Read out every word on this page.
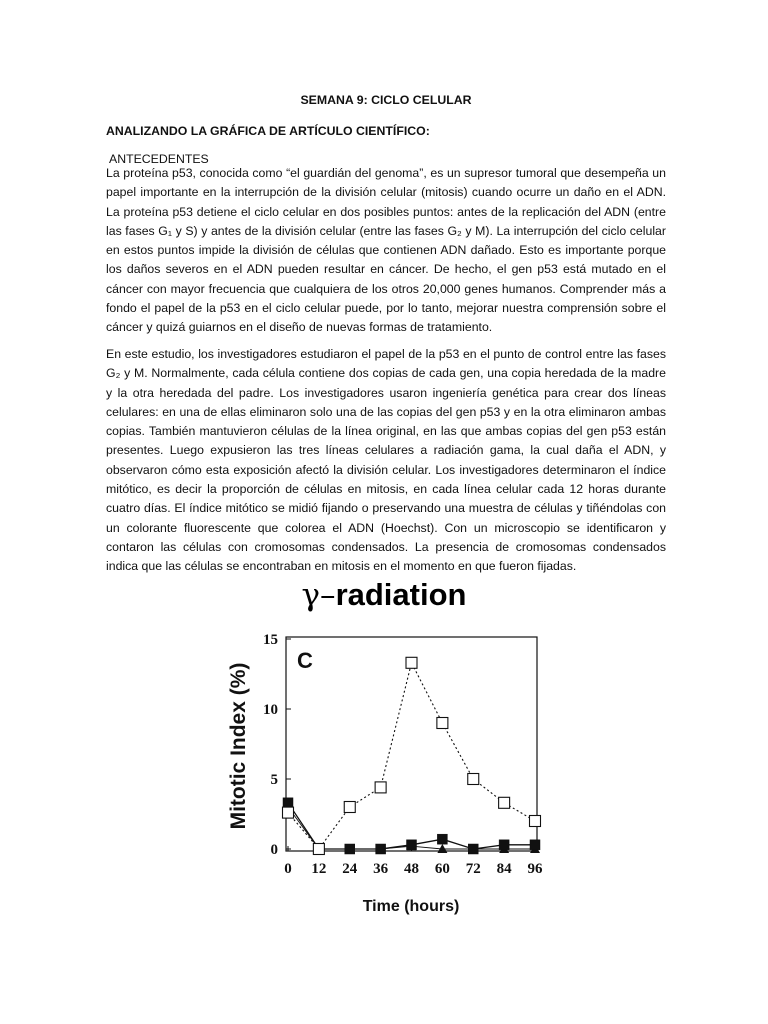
SEMANA 9: CICLO CELULAR
ANALIZANDO LA GRÁFICA DE ARTÍCULO CIENTÍFICO:
ANTECEDENTES

La proteína p53, conocida como “el guardián del genoma”, es un supresor tumoral que desempeña un papel importante en la interrupción de la división celular (mitosis) cuando ocurre un daño en el ADN. La proteína p53 detiene el ciclo celular en dos posibles puntos: antes de la replicación del ADN (entre las fases G₁ y S) y antes de la división celular (entre las fases G₂ y M). La interrupción del ciclo celular en estos puntos impide la división de células que contienen ADN dañado. Esto es importante porque los daños severos en el ADN pueden resultar en cáncer. De hecho, el gen p53 está mutado en el cáncer con mayor frecuencia que cualquiera de los otros 20,000 genes humanos. Comprender más a fondo el papel de la p53 en el ciclo celular puede, por lo tanto, mejorar nuestra comprensión sobre el cáncer y quizá guiarnos en el diseño de nuevas formas de tratamiento.

En este estudio, los investigadores estudiaron el papel de la p53 en el punto de control entre las fases G₂ y M. Normalmente, cada célula contiene dos copias de cada gen, una copia heredada de la madre y la otra heredada del padre. Los investigadores usaron ingeniería genética para crear dos líneas celulares: en una de ellas eliminaron solo una de las copias del gen p53 y en la otra eliminaron ambas copias. También mantuvieron células de la línea original, en las que ambas copias del gen p53 están presentes. Luego expusieron las tres líneas celulares a radiación gama, la cual daña el ADN, y observaron cómo esta exposición afectó la división celular. Los investigadores determinaron el índice mitótico, es decir la proporción de células en mitosis, en cada línea celular cada 12 horas durante cuatro días. El índice mitótico se midió fijando o preservando una muestra de células y tiñéndolas con un colorante fluorescente que colorea el ADN (Hoechst). Con un microscopio se identificaron y contaron las células con cromosomas condensados. La presencia de cromosomas condensados indica que las células se encontraban en mitosis en el momento en que fueron fijadas.

γ–radiation
C
Mitotic Index (%)
Time (hours)
0 12 24 36 48 60 72 84 96
0
5
10
15
